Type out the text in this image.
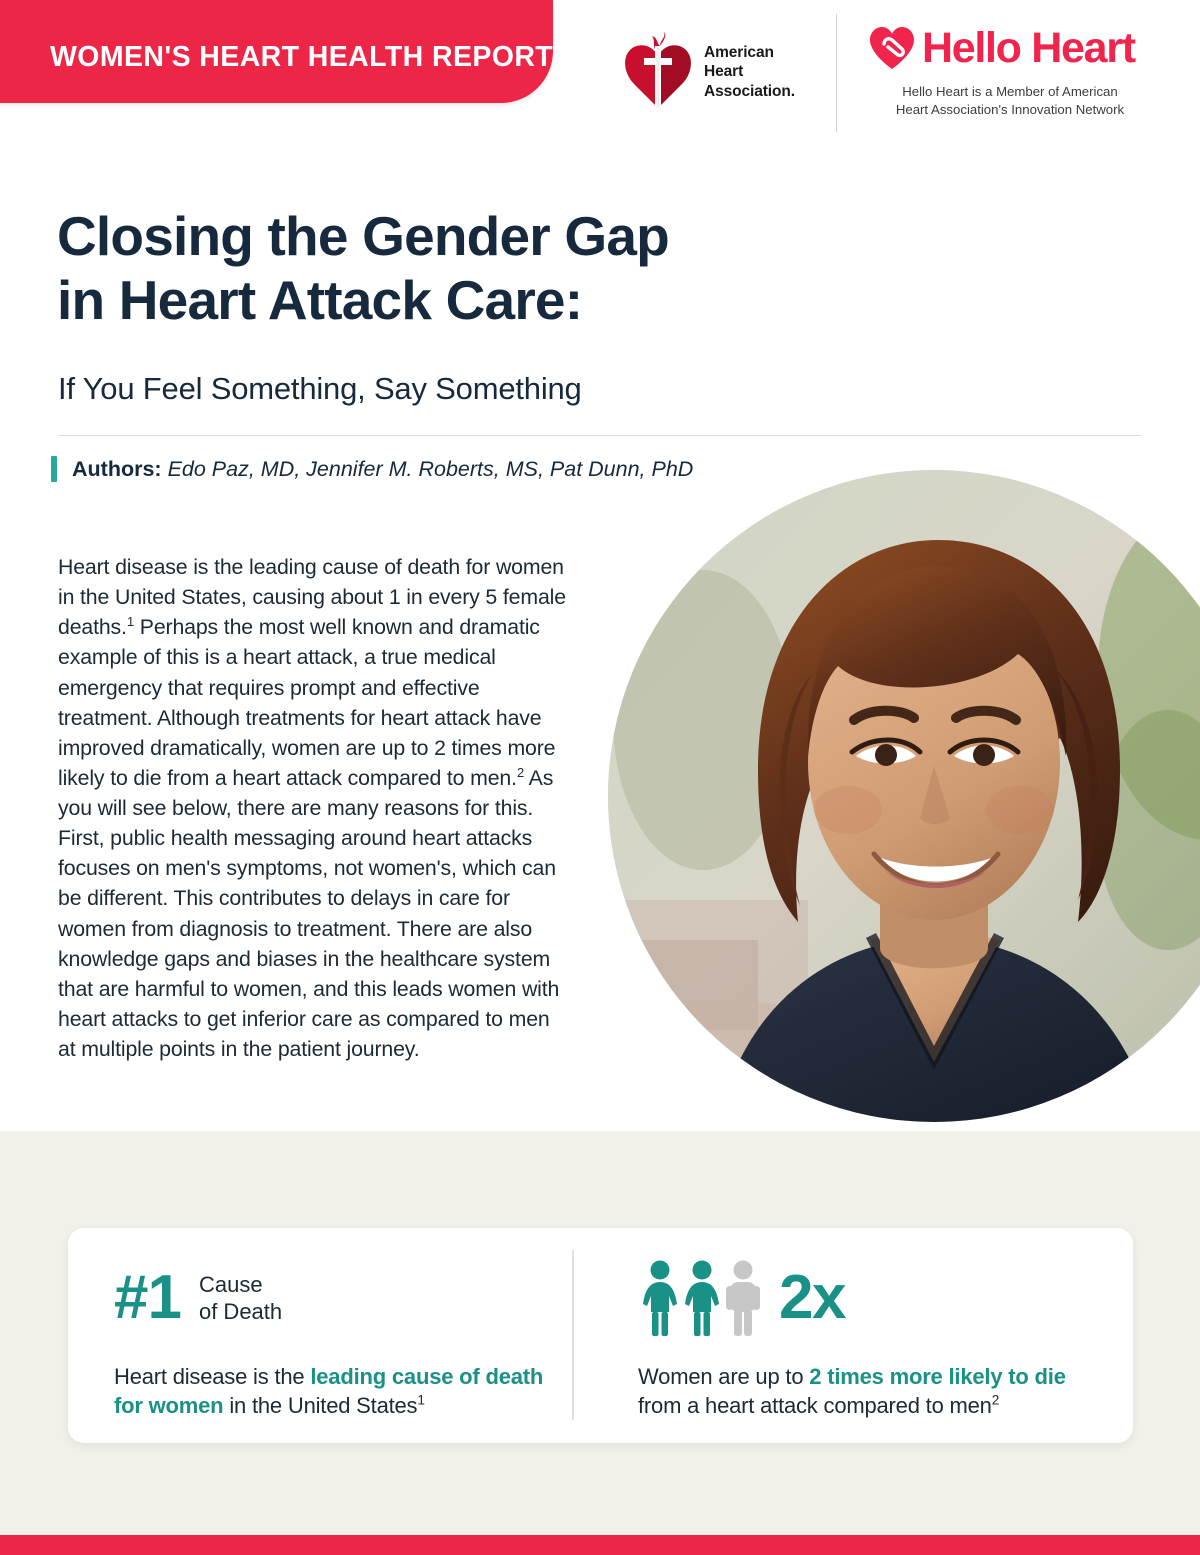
WOMEN'S HEART HEALTH REPORT	American
Heart
Association.
Hello Heart
Hello Heart is a Member of American
Heart Association's Innovation Network
Closing the Gender Gap
in Heart Attack Care:
If You Feel Something, Say Something
Authors: Edo Paz, MD, Jennifer M. Roberts, MS, Pat Dunn, PhD
Heart disease is the leading cause of death for women in the United States, causing about 1 in every 5 female deaths.$^1$ Perhaps the most well known and dramatic example of this is a heart attack, a true medical emergency that requires prompt and effective treatment. Although treatments for heart attack have improved dramatically, women are up to 2 times more likely to die from a heart attack compared to men.$^2$ As you will see below, there are many reasons for this. First, public health messaging around heart attacks focuses on men's symptoms, not women's, which can be different. This contributes to delays in care for women from diagnosis to treatment. There are also knowledge gaps and biases in the healthcare system that are harmful to women, and this leads women with heart attacks to get inferior care as compared to men at multiple points in the patient journey.
#1 Cause
of Death
Heart disease is the leading cause of death for women in the United States$^1$
2x
Women are up to 2 times more likely to die from a heart attack compared to men$^2$
